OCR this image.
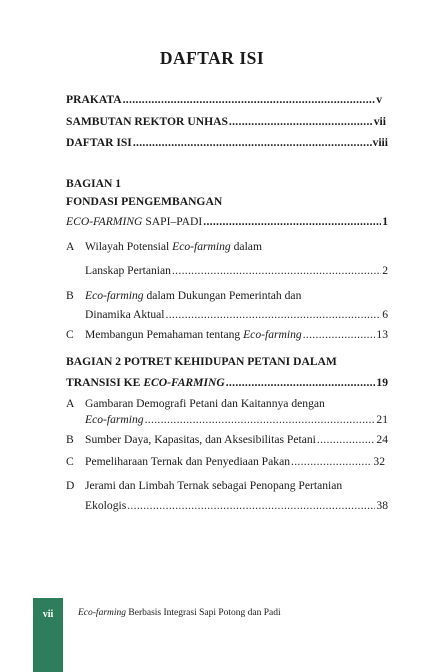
DAFTAR ISI
PRAKATA .....	v
SAMBUTAN REKTOR UNHAS .....	vii
DAFTAR ISI .....	viii
BAGIAN 1
FONDASI PENGEMBANGAN
ECO-FARMING SAPI–PADI .....	1
A Wilayah Potensial Eco-farming dalam
Lanskap Pertanian .....	2
B Eco-farming dalam Dukungan Pemerintah dan
Dinamika Aktual .....	6
C Membangun Pemahaman tentang Eco-farming .....	13
BAGIAN 2 POTRET KEHIDUPAN PETANI DALAM
TRANSISI KE ECO-FARMING .....	19
A Gambaran Demografi Petani dan Kaitannya dengan
Eco-farming .....	21
B Sumber Daya, Kapasitas, dan Aksesibilitas Petani .....	24
C Pemeliharaan Ternak dan Penyediaan Pakan .....	32
D Jerami dan Limbah Ternak sebagai Penopang Pertanian
Ekologis .....	38
vii	Eco-farming Berbasis Integrasi Sapi Potong dan Padi
